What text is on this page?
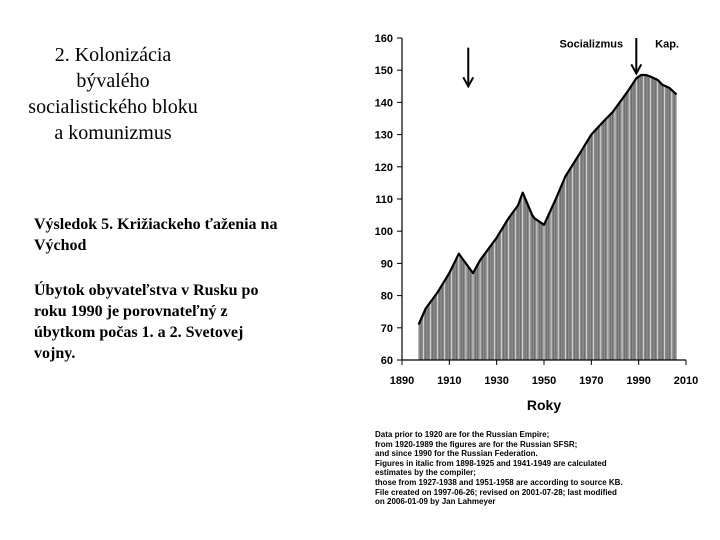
2. Kolonizácia bývalého socialistického bloku a komunizmus

Výsledok 5. Križiackeho ťaženia na Východ

Úbytok obyvateľstva v Rusku po roku 1990 je porovnateľný z úbytkom počas 1. a 2. Svetovej vojny.	60
70
80
90
100
110
120
130
140
150
160
1890 1910 1930 1950 1970 1990 2010
Roky
Socializmus	Kap.
Data prior to 1920 are for the Russian Empire;
from 1920-1989 the figures are for the Russian SFSR;
and since 1990 for the Russian Federation.
Figures in italic from 1898-1925 and 1941-1949 are calculated
estimates by the compiler;
those from 1927-1938 and 1951-1958 are according to source KB.
File created on 1997-06-26; revised on 2001-07-28; last modified
on 2006-01-09 by Jan Lahmeyer
